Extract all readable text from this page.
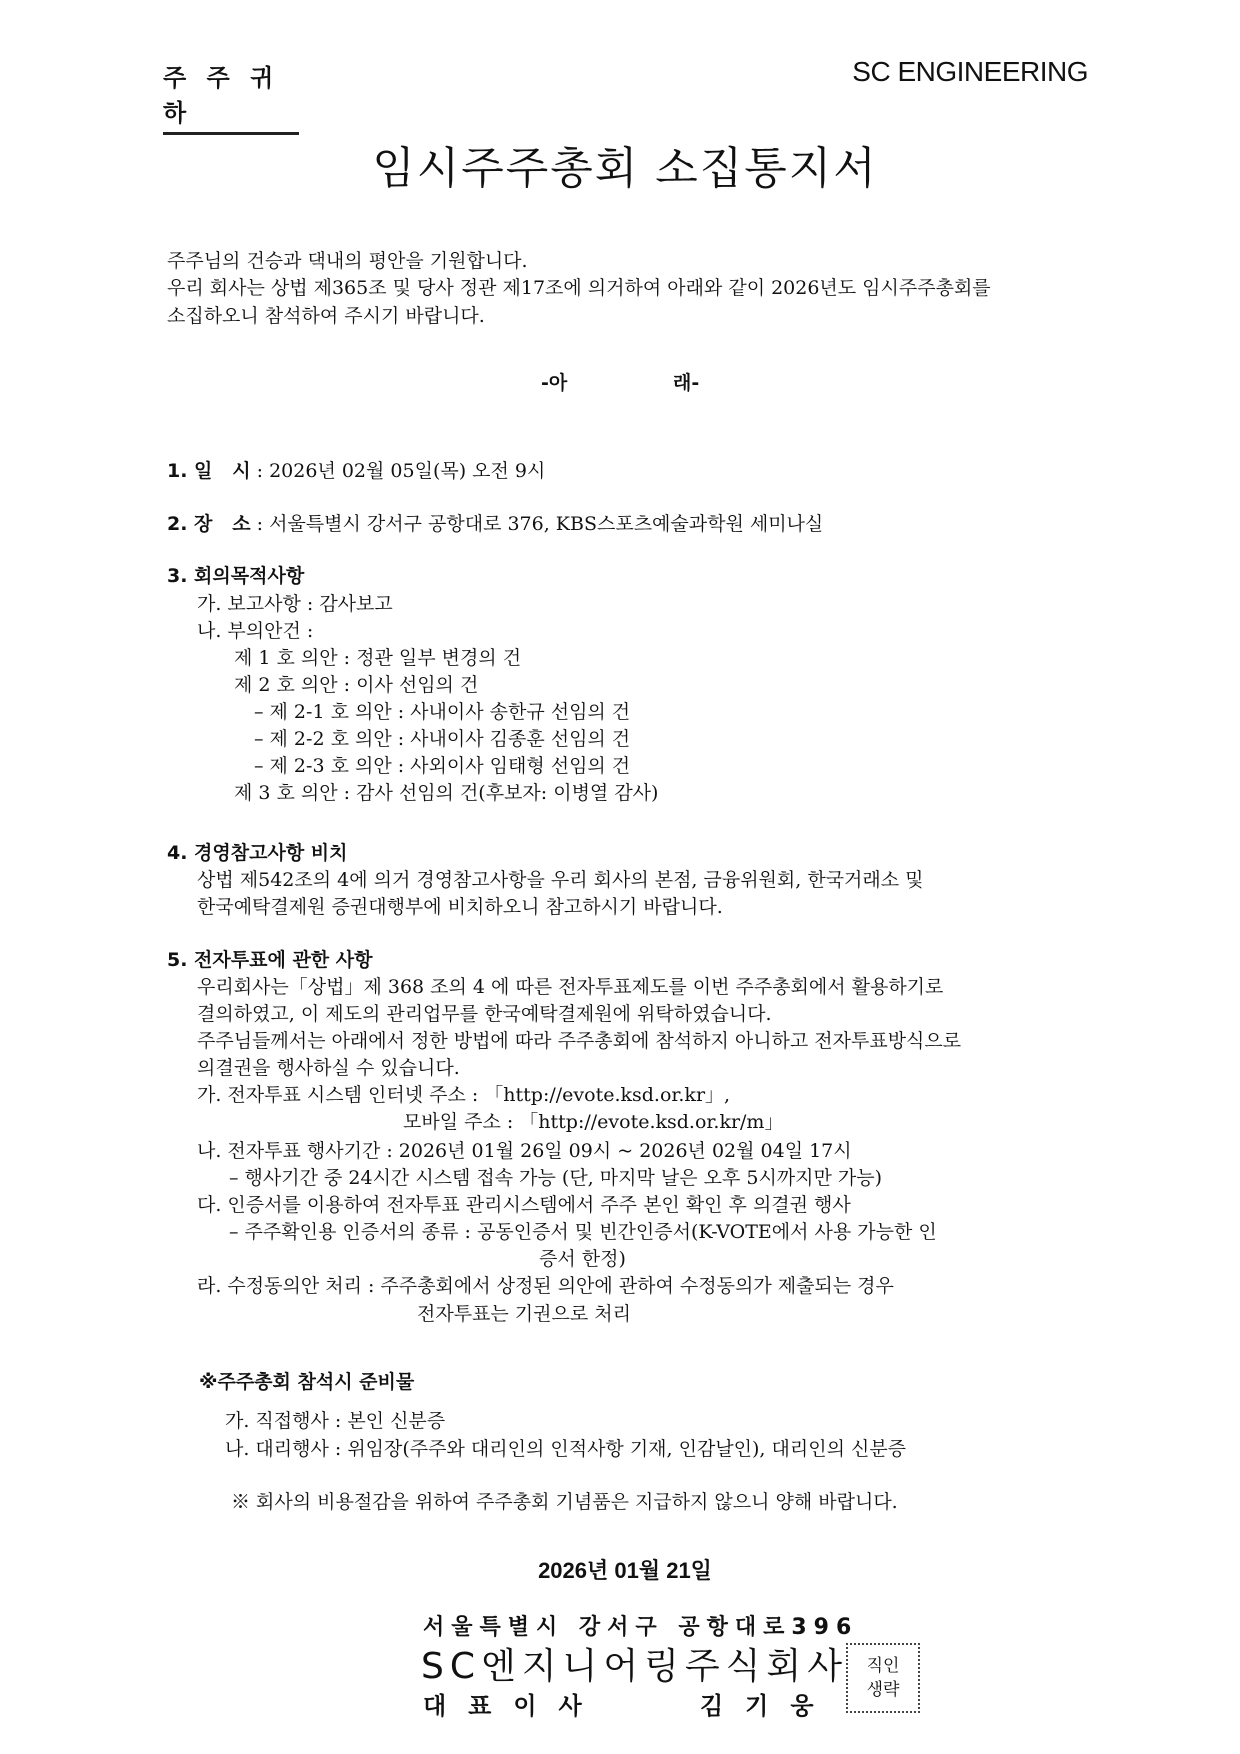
주 주 귀 하
SC ENGINEERING
임시주주총회 소집통지서
주주님의 건승과 댁내의 평안을 기원합니다.
우리 회사는 상법 제365조 및 당사 정관 제17조에 의거하여 아래와 같이 2026년도 임시주주총회를
소집하오니 참석하여 주시기 바랍니다.
-아	래-
1. 일   시 : 2026년 02월 05일(목) 오전 9시
2. 장   소 : 서울특별시 강서구 공항대로 376, KBS스포츠예술과학원 세미나실
3. 회의목적사항
가. 보고사항 : 감사보고
나. 부의안건 :
제 1 호 의안 : 정관 일부 변경의 건
제 2 호 의안 : 이사 선임의 건
– 제 2-1 호 의안 : 사내이사 송한규 선임의 건
– 제 2-2 호 의안 : 사내이사 김종훈 선임의 건
– 제 2-3 호 의안 : 사외이사 임태형 선임의 건
제 3 호 의안 : 감사 선임의 건(후보자: 이병열 감사)
4. 경영참고사항 비치
상법 제542조의 4에 의거 경영참고사항을 우리 회사의 본점, 금융위원회, 한국거래소 및
한국예탁결제원 증권대행부에 비치하오니 참고하시기 바랍니다.
5. 전자투표에 관한 사항
우리회사는「상법」제 368 조의 4 에 따른 전자투표제도를 이번 주주총회에서 활용하기로
결의하였고, 이 제도의 관리업무를 한국예탁결제원에 위탁하였습니다.
주주님들께서는 아래에서 정한 방법에 따라 주주총회에 참석하지 아니하고 전자투표방식으로
의결권을 행사하실 수 있습니다.
가. 전자투표 시스템 인터넷 주소 : 「http://evote.ksd.or.kr」,
모바일 주소 : 「http://evote.ksd.or.kr/m」
나. 전자투표 행사기간 : 2026년 01월 26일 09시 ~ 2026년 02월 04일 17시
– 행사기간 중 24시간 시스템 접속 가능 (단, 마지막 날은 오후 5시까지만 가능)
다. 인증서를 이용하여 전자투표 관리시스템에서 주주 본인 확인 후 의결권 행사
– 주주확인용 인증서의 종류 : 공동인증서 및 빈간인증서(K-VOTE에서 사용 가능한 인
증서 한정)
라. 수정동의안 처리 : 주주총회에서 상정된 의안에 관하여 수정동의가 제출되는 경우
전자투표는 기권으로 처리
※주주총회 참석시 준비물
가. 직접행사 : 본인 신분증
나. 대리행사 : 위임장(주주와 대리인의 인적사항 기재, 인감날인), 대리인의 신분증
※ 회사의 비용절감을 위하여 주주총회 기념품은 지급하지 않으니 양해 바랍니다.
2026년 01월 21일
서울특별시 강서구 공항대로396
SC엔지니어링주식회사
대표이사	김기웅
직인
생략
